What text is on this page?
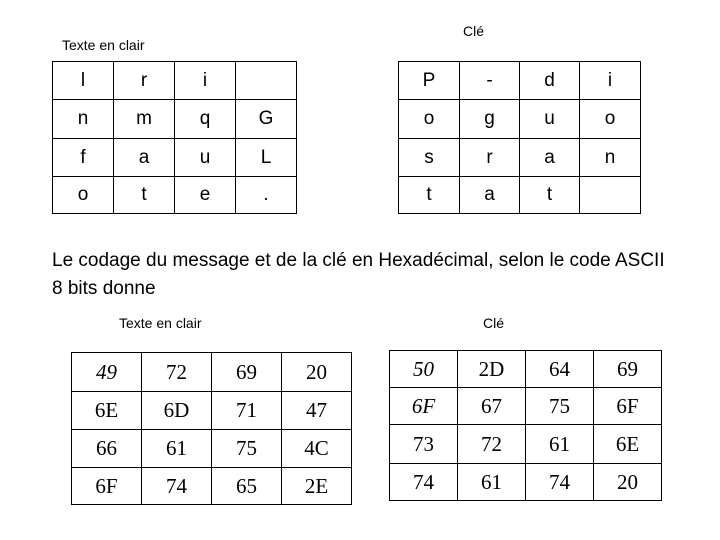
Texte en clair
Clé
l	r	i	
n	m	q	G
f	a	u	L
o	t	e	.
P	-	d	i
o	g	u	o
s	r	a	n
t	a	t	
Le codage du message et de la clé en Hexadécimal, selon le code ASCII 8 bits donne
Texte en clair	Clé
49	72	69	20
6E	6D	71	47
66	61	75	4C
6F	74	65	2E
50	2D	64	69
6F	67	75	6F
73	72	61	6E
74	61	74	20
